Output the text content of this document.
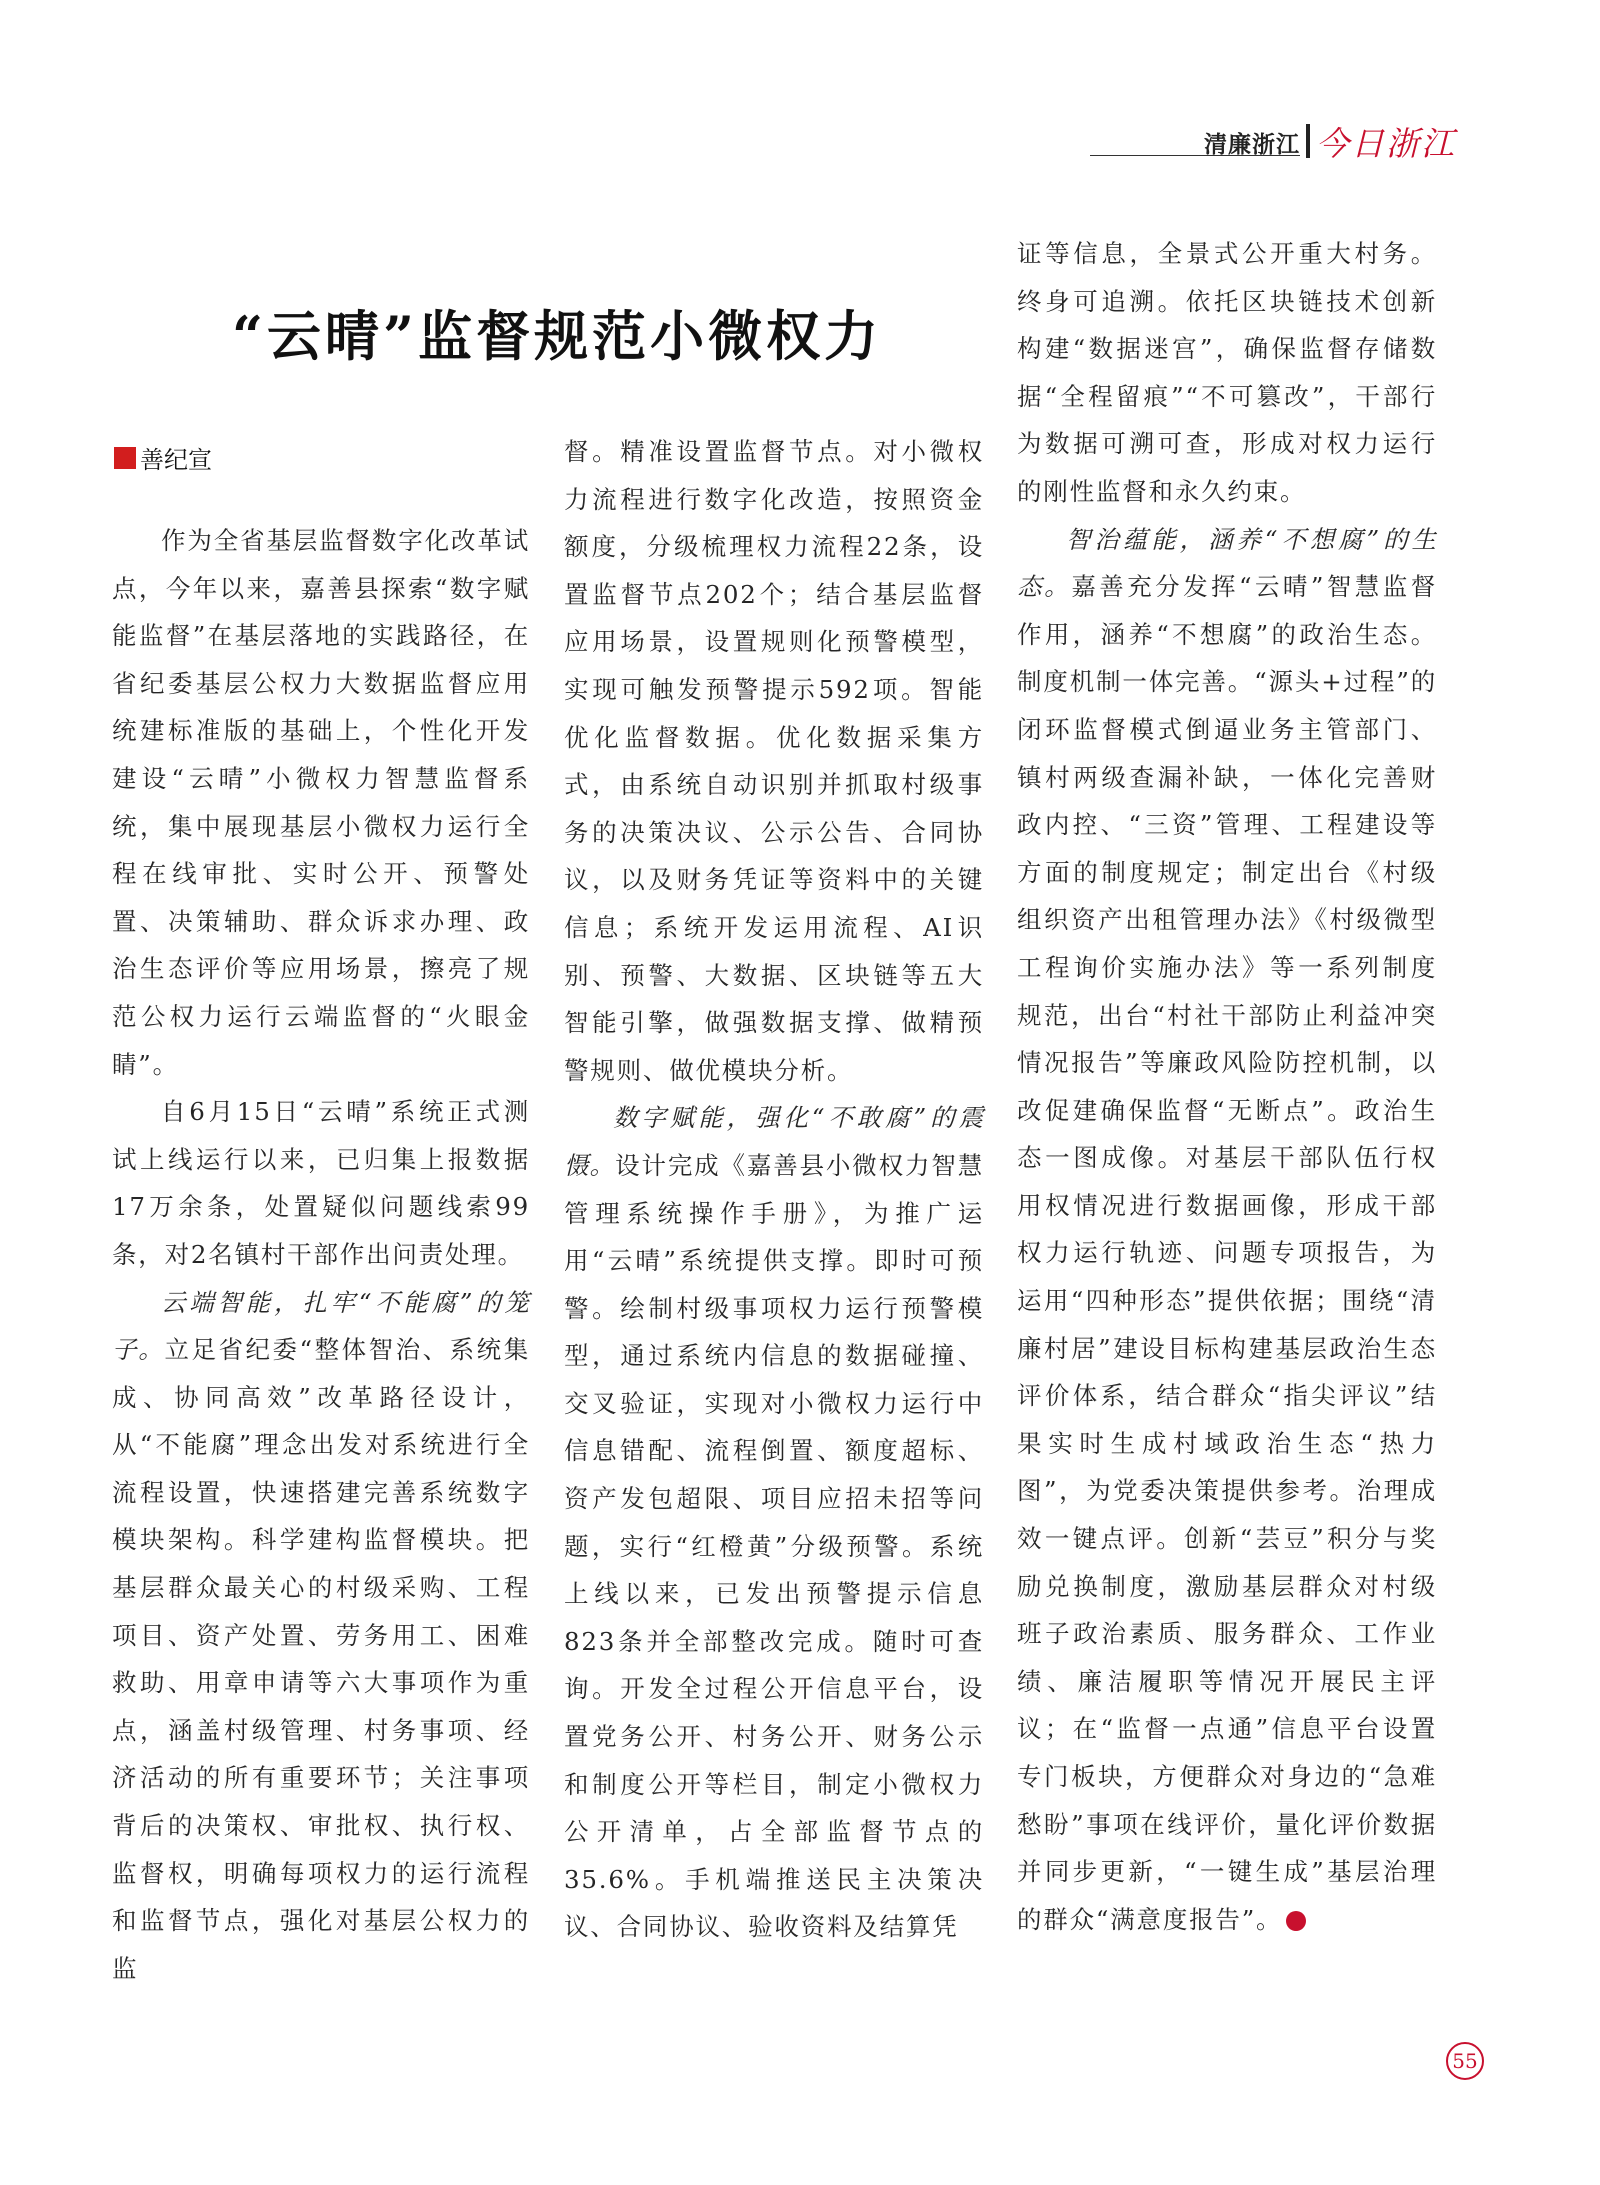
清廉浙江 今日浙江
“云晴”监督规范小微权力
善纪宣

作为全省基层监督数字化改革试点，今年以来，嘉善县探索“数字赋能监督”在基层落地的实践路径，在省纪委基层公权力大数据监督应用统建标准版的基础上，个性化开发建设“云晴”小微权力智慧监督系统，集中展现基层小微权力运行全程在线审批、实时公开、预警处置、决策辅助、群众诉求办理、政治生态评价等应用场景，擦亮了规范公权力运行云端监督的“火眼金睛”。

自6月15日“云晴”系统正式测试上线运行以来，已归集上报数据17万余条，处置疑似问题线索99条，对2名镇村干部作出问责处理。

云端智能，扎牢“不能腐”的笼子。立足省纪委“整体智治、系统集成、协同高效”改革路径设计，从“不能腐”理念出发对系统进行全流程设置，快速搭建完善系统数字模块架构。科学建构监督模块。把基层群众最关心的村级采购、工程项目、资产处置、劳务用工、困难救助、用章申请等六大事项作为重点，涵盖村级管理、村务事项、经济活动的所有重要环节；关注事项背后的决策权、审批权、执行权、监督权，明确每项权力的运行流程和监督节点，强化对基层公权力的监

督。精准设置监督节点。对小微权力流程进行数字化改造，按照资金额度，分级梳理权力流程22条，设置监督节点202个；结合基层监督应用场景，设置规则化预警模型，实现可触发预警提示592项。智能优化监督数据。优化数据采集方式，由系统自动识别并抓取村级事务的决策决议、公示公告、合同协议，以及财务凭证等资料中的关键信息；系统开发运用流程、AI识别、预警、大数据、区块链等五大智能引擎，做强数据支撑、做精预警规则、做优模块分析。

数字赋能，强化“不敢腐”的震慑。设计完成《嘉善县小微权力智慧管理系统操作手册》，为推广运用“云晴”系统提供支撑。即时可预警。绘制村级事项权力运行预警模型，通过系统内信息的数据碰撞、交叉验证，实现对小微权力运行中信息错配、流程倒置、额度超标、资产发包超限、项目应招未招等问题，实行“红橙黄”分级预警。系统上线以来，已发出预警提示信息823条并全部整改完成。随时可查询。开发全过程公开信息平台，设置党务公开、村务公开、财务公示和制度公开等栏目，制定小微权力公开清单，占全部监督节点的35.6%。手机端推送民主决策决议、合同协议、验收资料及结算凭

证等信息，全景式公开重大村务。终身可追溯。依托区块链技术创新构建“数据迷宫”，确保监督存储数据“全程留痕”“不可篡改”，干部行为数据可溯可查，形成对权力运行的刚性监督和永久约束。

智治蕴能，涵养“不想腐”的生态。嘉善充分发挥“云晴”智慧监督作用，涵养“不想腐”的政治生态。制度机制一体完善。“源头+过程”的闭环监督模式倒逼业务主管部门、镇村两级查漏补缺，一体化完善财政内控、“三资”管理、工程建设等方面的制度规定；制定出台《村级组织资产出租管理办法》《村级微型工程询价实施办法》等一系列制度规范，出台“村社干部防止利益冲突情况报告”等廉政风险防控机制，以改促建确保监督“无断点”。政治生态一图成像。对基层干部队伍行权用权情况进行数据画像，形成干部权力运行轨迹、问题专项报告，为运用“四种形态”提供依据；围绕“清廉村居”建设目标构建基层政治生态评价体系，结合群众“指尖评议”结果实时生成村域政治生态“热力图”，为党委决策提供参考。治理成效一键点评。创新“芸豆”积分与奖励兑换制度，激励基层群众对村级班子政治素质、服务群众、工作业绩、廉洁履职等情况开展民主评议；在“监督一点通”信息平台设置专门板块，方便群众对身边的“急难愁盼”事项在线评价，量化评价数据并同步更新，“一键生成”基层治理的群众“满意度报告”。

55
